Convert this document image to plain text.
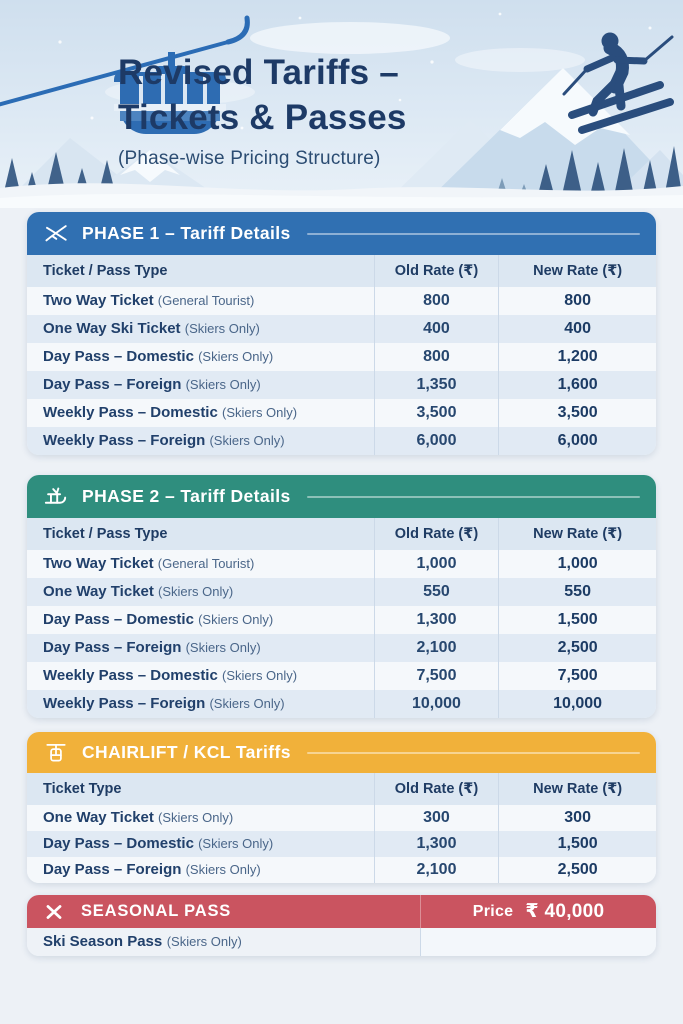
Revised Tariffs –
Tickets & Passes
(Phase-wise Pricing Structure)
PHASE 1 – Tariff Details
Ticket / Pass Type	Old Rate (₹)	New Rate (₹)
Two Way Ticket (General Tourist)	800	800
One Way Ski Ticket (Skiers Only)	400	400
Day Pass – Domestic (Skiers Only)	800	1,200
Day Pass – Foreign (Skiers Only)	1,350	1,600
Weekly Pass – Domestic (Skiers Only)	3,500	3,500
Weekly Pass – Foreign (Skiers Only)	6,000	6,000
PHASE 2 – Tariff Details
Ticket / Pass Type	Old Rate (₹)	New Rate (₹)
Two Way Ticket (General Tourist)	1,000	1,000
One Way Ticket (Skiers Only)	550	550
Day Pass – Domestic (Skiers Only)	1,300	1,500
Day Pass – Foreign (Skiers Only)	2,100	2,500
Weekly Pass – Domestic (Skiers Only)	7,500	7,500
Weekly Pass – Foreign (Skiers Only)	10,000	10,000
CHAIRLIFT / KCL Tariffs
Ticket Type	Old Rate (₹)	New Rate (₹)
One Way Ticket (Skiers Only)	300	300
Day Pass – Domestic (Skiers Only)	1,300	1,500
Day Pass – Foreign (Skiers Only)	2,100	2,500
SEASONAL PASS	Price ₹ 40,000
Ski Season Pass (Skiers Only)
